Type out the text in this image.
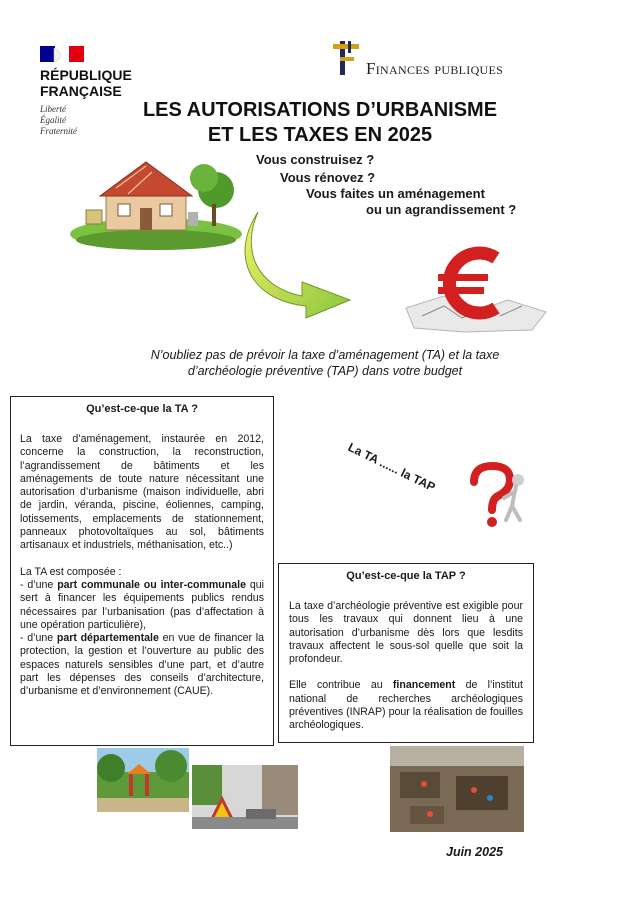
RÉPUBLIQUE
FRANÇAISE
Liberté
Égalité
Fraternité
Finances publiques
LES AUTORISATIONS D’URBANISME
ET LES TAXES EN 2025
Vous construisez ?
Vous rénovez ?
Vous faites un aménagement
ou un agrandissement ?
N’oubliez pas de prévoir la taxe d’aménagement (TA) et la taxe
d’archéologie préventive (TAP) dans votre budget
Qu’est-ce-que la TA ?

La taxe d’aménagement, instaurée en 2012, concerne la construction, la reconstruction, l’agrandissement de bâtiments et les aménagements de toute nature nécessitant une autorisation d’urbanisme (maison individuelle, abri de jardin, véranda, piscine, éoliennes, camping, lotissements, emplacements de stationnement, panneaux photovoltaïques au sol, bâtiments artisanaux et industriels, méthanisation, etc..)

La TA est composée :

- d’une part communale ou inter-communale qui sert à financer les équipements publics rendus nécessaires par l’urbanisation (pas d’affectation à une opération particulière),

- d’une part départementale en vue de financer la protection, la gestion et l’ouverture au public des espaces naturels sensibles d’une part, et d’autre part les dépenses des conseils d’architecture, d’urbanisme et d’environnement (CAUE).

La TA ...... la TAP
Qu’est-ce-que la TAP ?

La taxe d’archéologie préventive est exigible pour tous les travaux qui donnent lieu à une autorisation d’urbanisme dès lors que lesdits travaux affectent le sous-sol quelle que soit la profondeur.

Elle contribue au financement de l’institut national de recherches archéologiques préventives (INRAP) pour la réalisation de fouilles archéologiques.

Juin 2025
